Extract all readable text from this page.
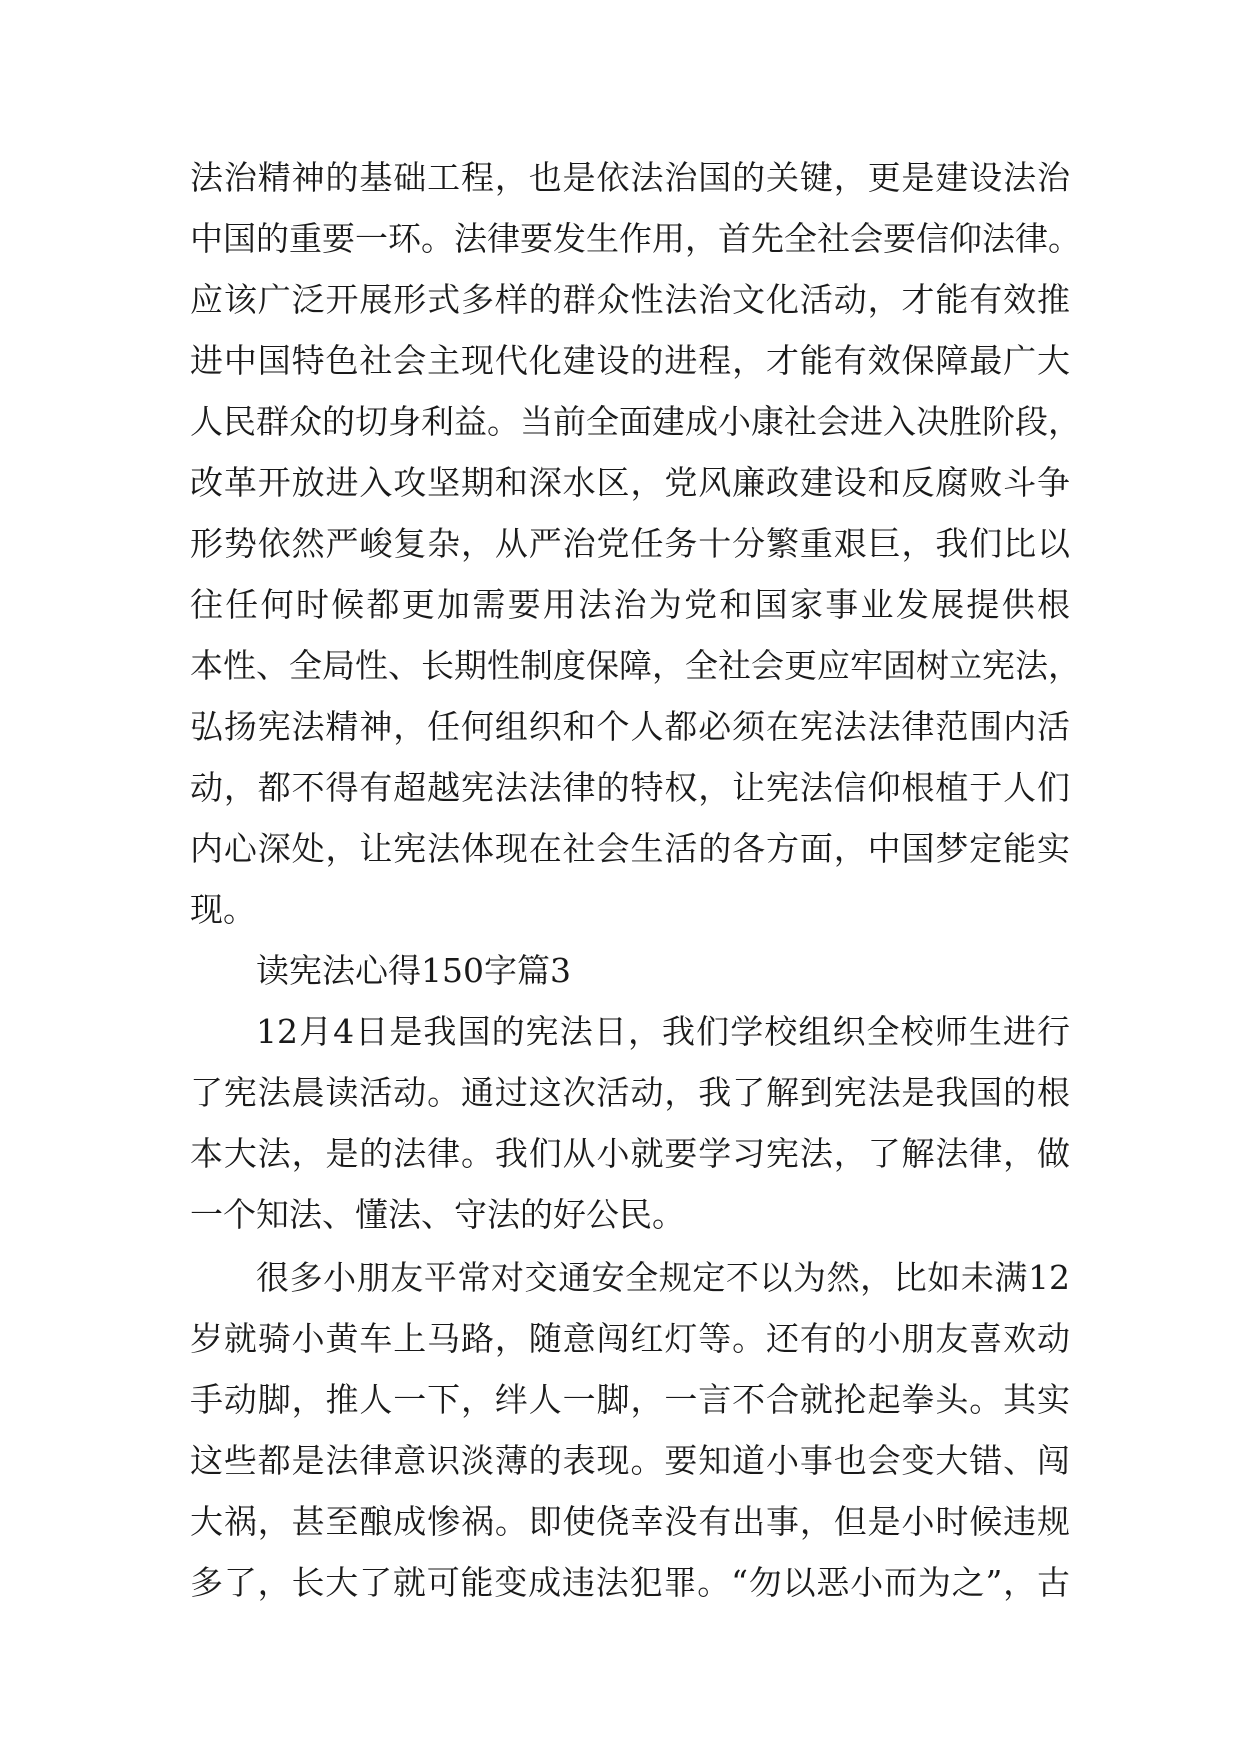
法治精神的基础工程，也是依法治国的关键，更是建设法治
中国的重要一环。法律要发生作用，首先全社会要信仰法律。
应该广泛开展形式多样的群众性法治文化活动，才能有效推
进中国特色社会主现代化建设的进程，才能有效保障最广大
人民群众的切身利益。当前全面建成小康社会进入决胜阶段，
改革开放进入攻坚期和深水区，党风廉政建设和反腐败斗争
形势依然严峻复杂，从严治党任务十分繁重艰巨，我们比以
往任何时候都更加需要用法治为党和国家事业发展提供根
本性、全局性、长期性制度保障，全社会更应牢固树立宪法，
弘扬宪法精神，任何组织和个人都必须在宪法法律范围内活
动，都不得有超越宪法法律的特权，让宪法信仰根植于人们
内心深处，让宪法体现在社会生活的各方面，中国梦定能实
现。
读宪法心得150字篇3
12月4日是我国的宪法日，我们学校组织全校师生进行
了宪法晨读活动。通过这次活动，我了解到宪法是我国的根
本大法，是的法律。我们从小就要学习宪法，了解法律，做
一个知法、懂法、守法的好公民。
很多小朋友平常对交通安全规定不以为然，比如未满12
岁就骑小黄车上马路，随意闯红灯等。还有的小朋友喜欢动
手动脚，推人一下，绊人一脚，一言不合就抡起拳头。其实
这些都是法律意识淡薄的表现。要知道小事也会变大错、闯
大祸，甚至酿成惨祸。即使侥幸没有出事，但是小时候违规
多了，长大了就可能变成违法犯罪。“勿以恶小而为之”，古
